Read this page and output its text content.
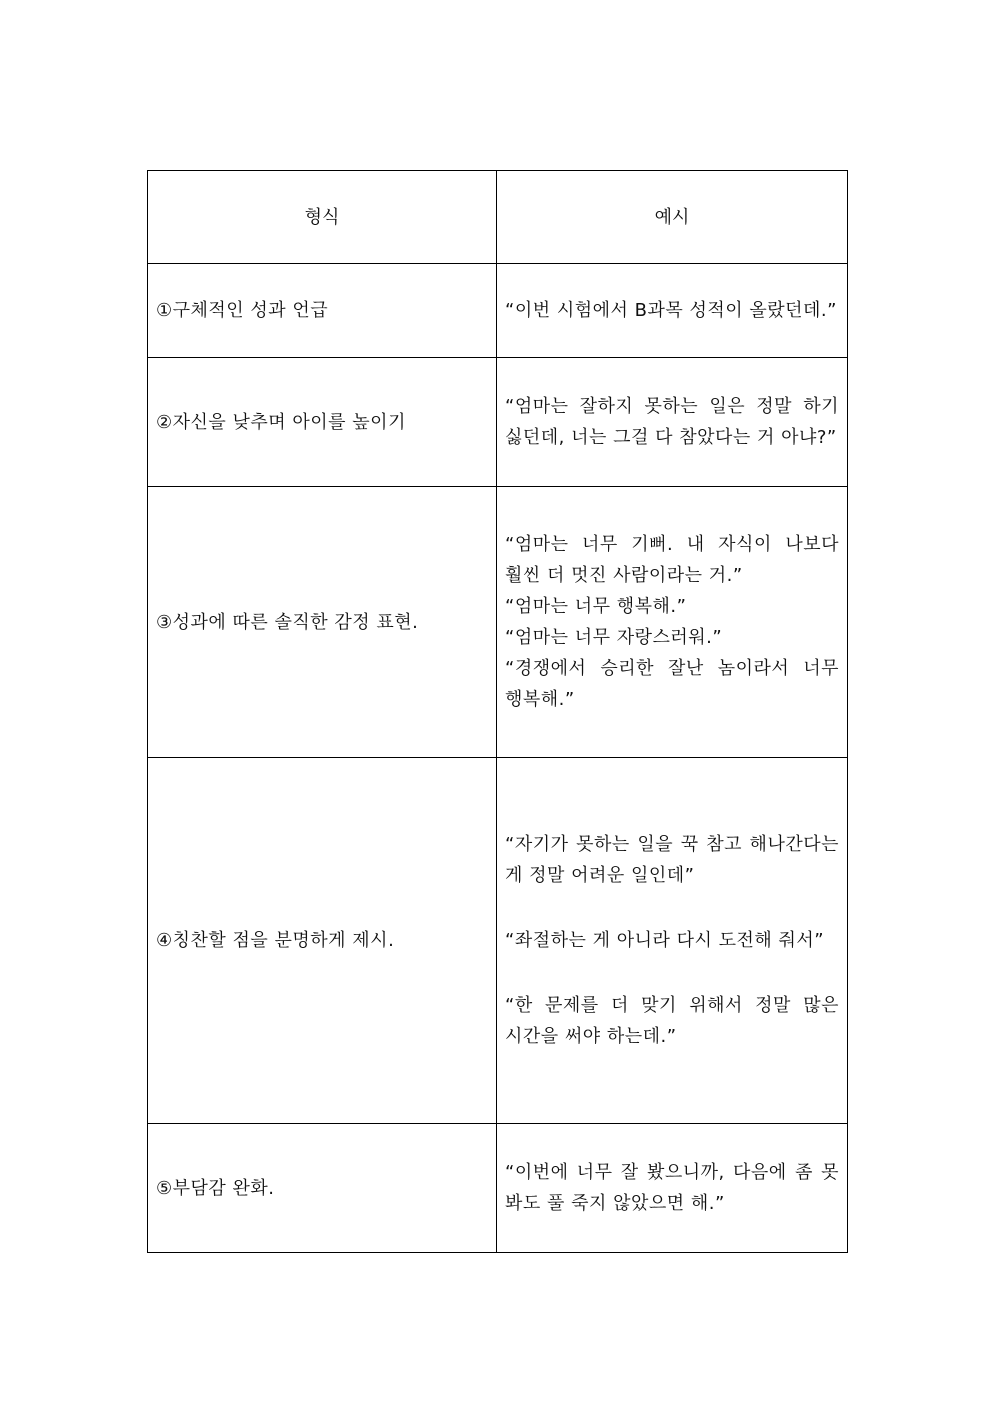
형식	예시
①구체적인 성과 언급	“이번 시험에서 B과목 성적이 올랐던데.”

②자신을 낮추며 아이를 높이기	“엄마는 잘하지 못하는 일은 정말 하기 싫던데, 너는 그걸 다 참았다는 거 아냐?”

③성과에 따른 솔직한 감정 표현.	“엄마는 너무 기뻐. 내 자식이 나보다 훨씬 더 멋진 사람이라는 거.”
“엄마는 너무 행복해.”
“엄마는 너무 자랑스러워.”
“경쟁에서 승리한 잘난 놈이라서 너무 행복해.”

④칭찬할 점을 분명하게 제시.	“자기가 못하는 일을 꾹 참고 해나간다는 게 정말 어려운 일인데”
“좌절하는 게 아니라 다시 도전해 줘서”
“한 문제를 더 맞기 위해서 정말 많은 시간을 써야 하는데.”

⑤부담감 완화.	“이번에 너무 잘 봤으니까, 다음에 좀 못 봐도 풀 죽지 않았으면 해.”
